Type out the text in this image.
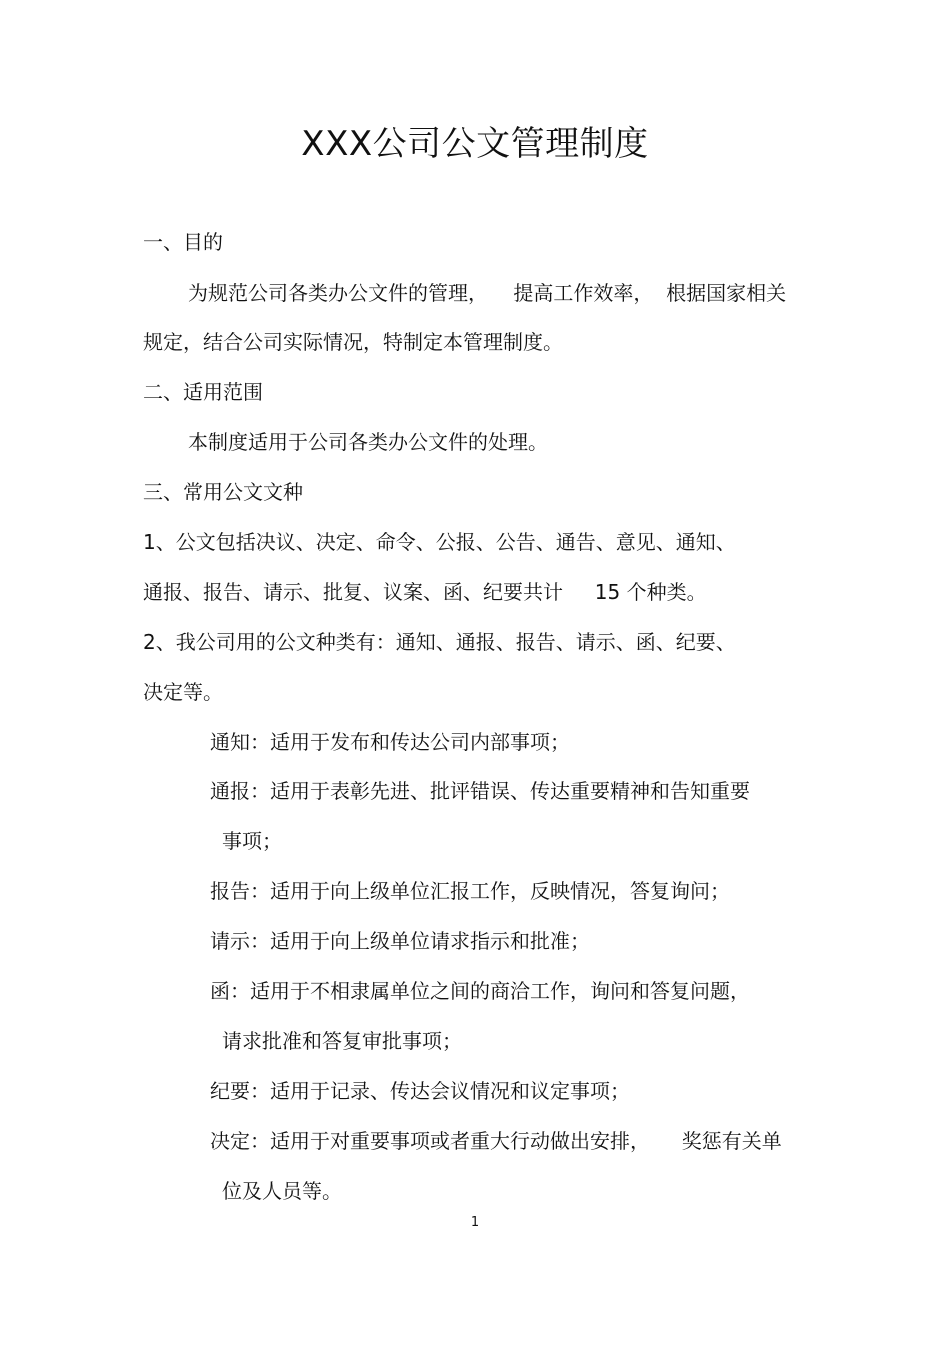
XXX公司公文管理制度
一、目的
为规范公司各类办公文件的管理，    提高工作效率，  根据国家相关
规定，结合公司实际情况，特制定本管理制度。
二、适用范围
本制度适用于公司各类办公文件的处理。
三、常用公文文种
1、公文包括决议、决定、命令、公报、公告、通告、意见、通知、
通报、报告、请示、批复、议案、函、纪要共计     15 个种类。
2、我公司用的公文种类有：通知、通报、报告、请示、函、纪要、
决定等。
通知：适用于发布和传达公司内部事项；
通报：适用于表彰先进、批评错误、传达重要精神和告知重要
事项；
报告：适用于向上级单位汇报工作，反映情况，答复询问；
请示：适用于向上级单位请求指示和批准；
函：适用于不相隶属单位之间的商洽工作，询问和答复问题，
请求批准和答复审批事项；
纪要：适用于记录、传达会议情况和议定事项；
决定：适用于对重要事项或者重大行动做出安排，     奖惩有关单
位及人员等。
1
